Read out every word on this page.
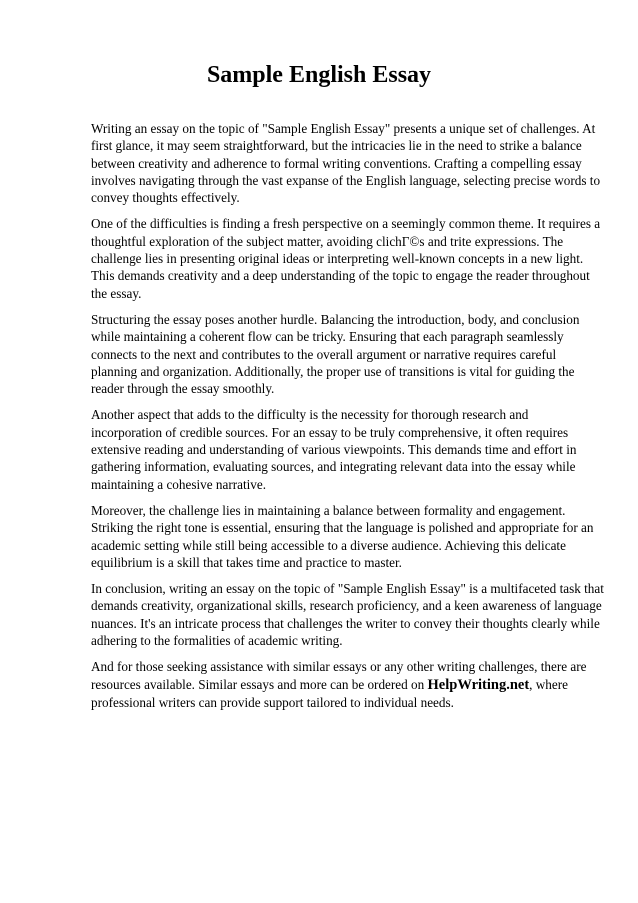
Sample English Essay

Writing an essay on the topic of "Sample English Essay" presents a unique set of challenges. At
first glance, it may seem straightforward, but the intricacies lie in the need to strike a balance
between creativity and adherence to formal writing conventions. Crafting a compelling essay
involves navigating through the vast expanse of the English language, selecting precise words to
convey thoughts effectively.

One of the difficulties is finding a fresh perspective on a seemingly common theme. It requires a
thoughtful exploration of the subject matter, avoiding clichΓ©s and trite expressions. The
challenge lies in presenting original ideas or interpreting well-known concepts in a new light.
This demands creativity and a deep understanding of the topic to engage the reader throughout
the essay.

Structuring the essay poses another hurdle. Balancing the introduction, body, and conclusion
while maintaining a coherent flow can be tricky. Ensuring that each paragraph seamlessly
connects to the next and contributes to the overall argument or narrative requires careful
planning and organization. Additionally, the proper use of transitions is vital for guiding the
reader through the essay smoothly.

Another aspect that adds to the difficulty is the necessity for thorough research and
incorporation of credible sources. For an essay to be truly comprehensive, it often requires
extensive reading and understanding of various viewpoints. This demands time and effort in
gathering information, evaluating sources, and integrating relevant data into the essay while
maintaining a cohesive narrative.

Moreover, the challenge lies in maintaining a balance between formality and engagement.
Striking the right tone is essential, ensuring that the language is polished and appropriate for an
academic setting while still being accessible to a diverse audience. Achieving this delicate
equilibrium is a skill that takes time and practice to master.

In conclusion, writing an essay on the topic of "Sample English Essay" is a multifaceted task that
demands creativity, organizational skills, research proficiency, and a keen awareness of language
nuances. It's an intricate process that challenges the writer to convey their thoughts clearly while
adhering to the formalities of academic writing.

And for those seeking assistance with similar essays or any other writing challenges, there are
resources available. Similar essays and more can be ordered on HelpWriting.net, where
professional writers can provide support tailored to individual needs.
